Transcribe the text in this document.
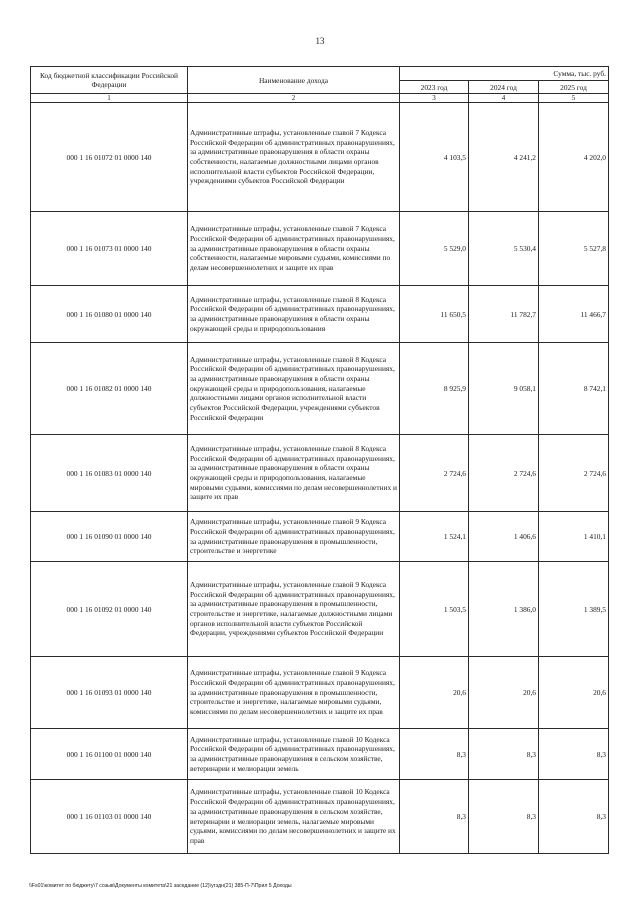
13
Код бюджетной классификации Российской Федерации	Наименование дохода	Сумма, тыс. руб.		
		2023 год	2024 год	2025 год
1	2	3	4	5
000 1 16 01072 01 0000 140	Административные штрафы, установленные главой 7 Кодекса Российской Федерации об административных правонарушениях, за административные правонарушения в области охраны собственности, налагаемые должностными лицами органов исполнительной власти субъектов Российской Федерации, учреждениями субъектов Российской Федерации	4 103,5	4 241,2	4 202,0
000 1 16 01073 01 0000 140	Административные штрафы, установленные главой 7 Кодекса Российской Федерации об административных правонарушениях, за административные правонарушения в области охраны собственности, налагаемые мировыми судьями, комиссиями по делам несовершеннолетних и защите их прав	5 529,0	5 530,4	5 527,8
000 1 16 01080 01 0000 140	Административные штрафы, установленные главой 8 Кодекса Российской Федерации об административных правонарушениях, за административные правонарушения в области охраны окружающей среды и природопользования	11 650,5	11 782,7	11 466,7
000 1 16 01082 01 0000 140	Административные штрафы, установленные главой 8 Кодекса Российской Федерации об административных правонарушениях, за административные правонарушения в области охраны окружающей среды и природопользования, налагаемые должностными лицами органов исполнительной власти субъектов Российской Федерации, учреждениями субъектов Российской Федерации	8 925,9	9 058,1	8 742,1
000 1 16 01083 01 0000 140	Административные штрафы, установленные главой 8 Кодекса Российской Федерации об административных правонарушениях, за административные правонарушения в области охраны окружающей среды и природопользования, налагаемые мировыми судьями, комиссиями по делам несовершеннолетних и защите их прав	2 724,6	2 724,6	2 724,6
000 1 16 01090 01 0000 140	Административные штрафы, установленные главой 9 Кодекса Российской Федерации об административных правонарушениях, за административные правонарушения в промышленности, строительстве и энергетике	1 524,1	1 406,6	1 410,1
000 1 16 01092 01 0000 140	Административные штрафы, установленные главой 9 Кодекса Российской Федерации об административных правонарушениях, за административные правонарушения в промышленности, строительстве и энергетике, налагаемые должностными лицами органов исполнительной власти субъектов Российской Федерации, учреждениями субъектов Российской Федерации	1 503,5	1 386,0	1 389,5
000 1 16 01093 01 0000 140	Административные штрафы, установленные главой 9 Кодекса Российской Федерации об административных правонарушениях, за административные правонарушения в промышленности, строительстве и энергетике, налагаемые мировыми судьями, комиссиями по делам несовершеннолетних и защите их прав	20,6	20,6	20,6
000 1 16 01100 01 0000 140	Административные штрафы, установленные главой 10 Кодекса Российской Федерации об административных правонарушениях, за административные правонарушения в сельском хозяйстве, ветеринарии и мелиорации земель	8,3	8,3	8,3
000 1 16 01103 01 0000 140	Административные штрафы, установленные главой 10 Кодекса Российской Федерации об административных правонарушениях, за административные правонарушения в сельском хозяйстве, ветеринарии и мелиорации земель, налагаемые мировыми судьями, комиссиями по делам несовершеннолетних и защите их прав	8,3	8,3	8,3
\\Fs01\комитет по бюджету\7 созыв\Документы комитета\21 заседание (12)\угэдн(21) 385-П-7\Прил 5 Доходы
